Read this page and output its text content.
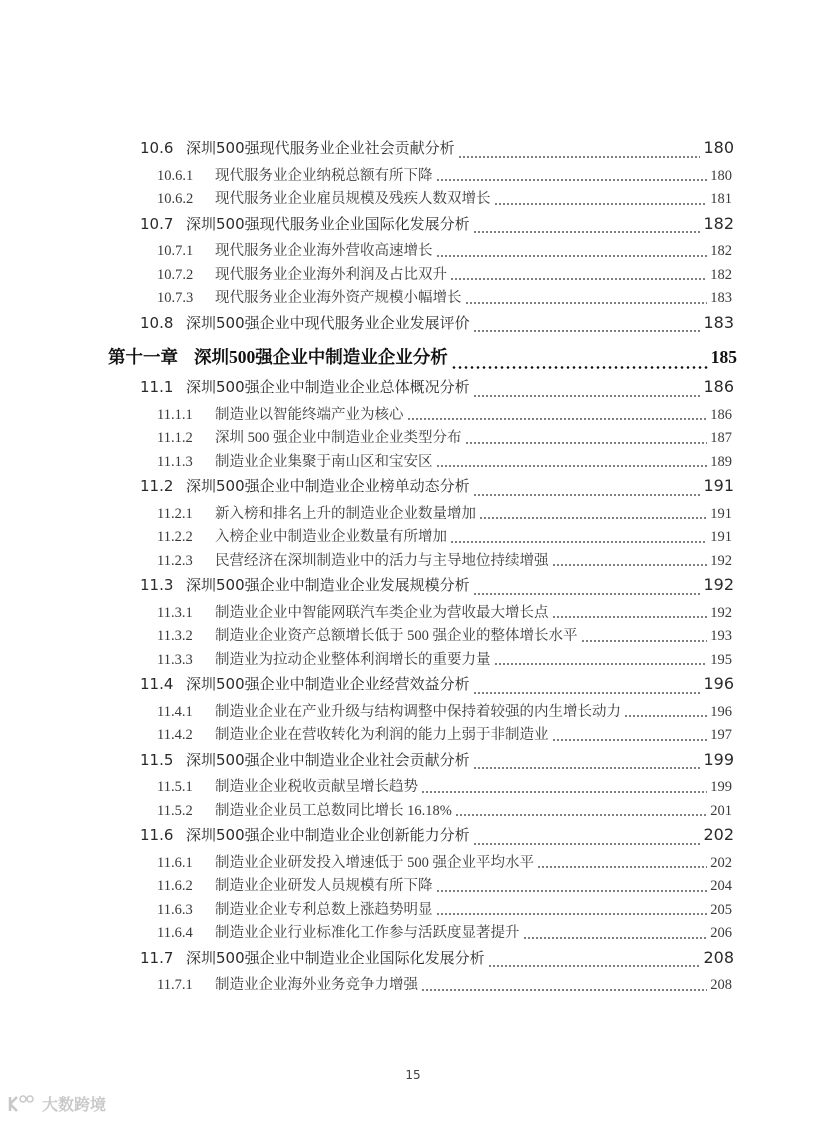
10.6 深圳500强现代服务业企业社会贡献分析	180
10.6.1	现代服务业企业纳税总额有所下降	180
10.6.2	现代服务业企业雇员规模及残疾人数双增长	181
10.7 深圳500强现代服务业企业国际化发展分析	182
10.7.1	现代服务业企业海外营收高速增长	182
10.7.2	现代服务业企业海外利润及占比双升	182
10.7.3	现代服务业企业海外资产规模小幅增长	183
10.8 深圳500强企业中现代服务业企业发展评价	183
第十一章 深圳500强企业中制造业企业分析	185
11.1 深圳500强企业中制造业企业总体概况分析	186
11.1.1	制造业以智能终端产业为核心	186
11.1.2	深圳 500 强企业中制造业企业类型分布	187
11.1.3	制造业企业集聚于南山区和宝安区	189
11.2 深圳500强企业中制造业企业榜单动态分析	191
11.2.1	新入榜和排名上升的制造业企业数量增加	191
11.2.2	入榜企业中制造业企业数量有所增加	191
11.2.3	民营经济在深圳制造业中的活力与主导地位持续增强	192
11.3 深圳500强企业中制造业企业发展规模分析	192
11.3.1	制造业企业中智能网联汽车类企业为营收最大增长点	192
11.3.2	制造业企业资产总额增长低于 500 强企业的整体增长水平	193
11.3.3	制造业为拉动企业整体利润增长的重要力量	195
11.4 深圳500强企业中制造业企业经营效益分析	196
11.4.1	制造业企业在产业升级与结构调整中保持着较强的内生增长动力	196
11.4.2	制造业企业在营收转化为利润的能力上弱于非制造业	197
11.5 深圳500强企业中制造业企业社会贡献分析	199
11.5.1	制造业企业税收贡献呈增长趋势	199
11.5.2	制造业企业员工总数同比增长 16.18%	201
11.6 深圳500强企业中制造业企业创新能力分析	202
11.6.1	制造业企业研发投入增速低于 500 强企业平均水平	202
11.6.2	制造业企业研发人员规模有所下降	204
11.6.3	制造业企业专利总数上涨趋势明显	205
11.6.4	制造业企业行业标准化工作参与活跃度显著提升	206
11.7 深圳500强企业中制造业企业国际化发展分析	208
11.7.1	制造业企业海外业务竞争力增强	208
15
大数跨境
